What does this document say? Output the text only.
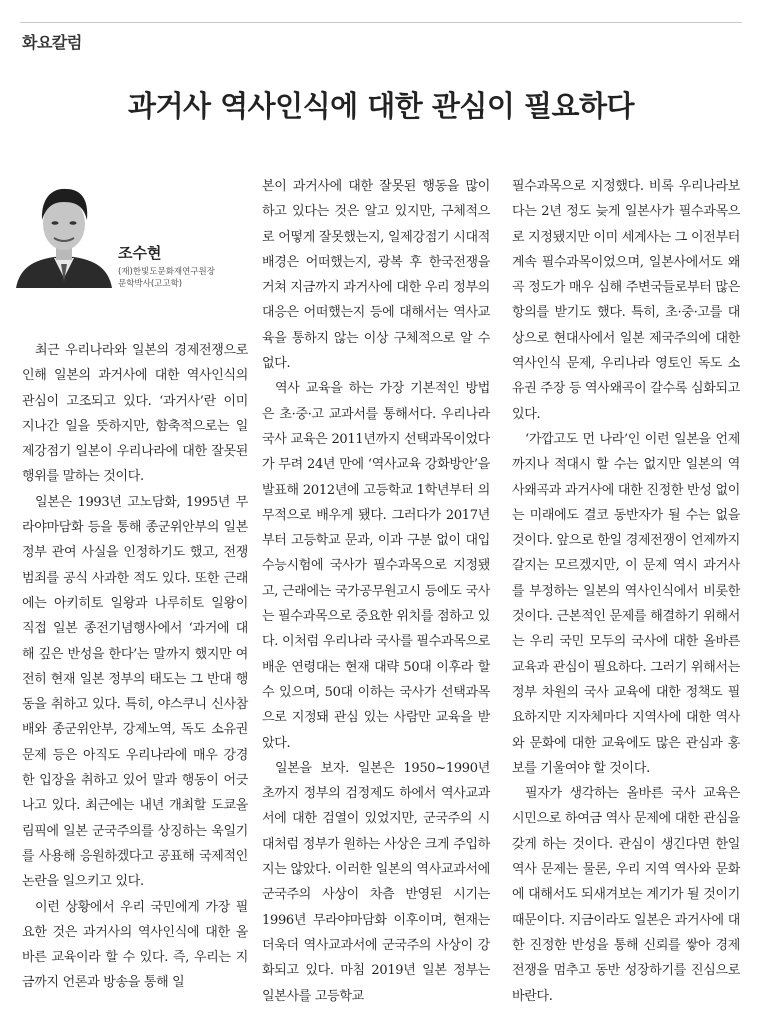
화요칼럼
과거사 역사인식에 대한 관심이 필요하다
조수현
(재)한빛도문화재연구원장
문학박사(고고학)

최근 우리나라와 일본의 경제전쟁으로 인해 일본의 과거사에 대한 역사인식의 관심이 고조되고 있다. ‘과거사’란 이미 지나간 일을 뜻하지만, 함축적으로는 일제강점기 일본이 우리나라에 대한 잘못된 행위를 말하는 것이다.

일본은 1993년 고노담화, 1995년 무라야마담화 등을 통해 종군위안부의 일본 정부 관여 사실을 인정하기도 했고, 전쟁범죄를 공식 사과한 적도 있다. 또한 근래에는 아키히토 일왕과 나루히토 일왕이 직접 일본 종전기념행사에서 ‘과거에 대해 깊은 반성을 한다’는 말까지 했지만 여전히 현재 일본 정부의 태도는 그 반대 행동을 취하고 있다. 특히, 야스쿠니 신사참배와 종군위안부, 강제노역, 독도 소유권 문제 등은 아직도 우리나라에 매우 강경한 입장을 취하고 있어 말과 행동이 어긋나고 있다. 최근에는 내년 개최할 도쿄올림픽에 일본 군국주의를 상징하는 욱일기를 사용해 응원하겠다고 공표해 국제적인 논란을 일으키고 있다.

이런 상황에서 우리 국민에게 가장 필요한 것은 과거사의 역사인식에 대한 올바른 교육이라 할 수 있다. 즉, 우리는 지금까지 언론과 방송을 통해 일

본이 과거사에 대한 잘못된 행동을 많이 하고 있다는 것은 알고 있지만, 구체적으로 어떻게 잘못했는지, 일제강점기 시대적 배경은 어떠했는지, 광복 후 한국전쟁을 거쳐 지금까지 과거사에 대한 우리 정부의 대응은 어떠했는지 등에 대해서는 역사교육을 통하지 않는 이상 구체적으로 알 수 없다.

역사 교육을 하는 가장 기본적인 방법은 초·중·고 교과서를 통해서다. 우리나라 국사 교육은 2011년까지 선택과목이었다가 무려 24년 만에 ‘역사교육 강화방안’을 발표해 2012년에 고등학교 1학년부터 의무적으로 배우게 됐다. 그러다가 2017년부터 고등학교 문과, 이과 구분 없이 대입수능시험에 국사가 필수과목으로 지정됐고, 근래에는 국가공무원고시 등에도 국사는 필수과목으로 중요한 위치를 점하고 있다. 이처럼 우리나라 국사를 필수과목으로 배운 연령대는 현재 대략 50대 이후라 할 수 있으며, 50대 이하는 국사가 선택과목으로 지정돼 관심 있는 사람만 교육을 받았다.

일본을 보자. 일본은 1950~1990년 초까지 정부의 검정제도 하에서 역사교과서에 대한 검열이 있었지만, 군국주의 시대처럼 정부가 원하는 사상은 크게 주입하지는 않았다. 이러한 일본의 역사교과서에 군국주의 사상이 차츰 반영된 시기는 1996년 무라야마담화 이후이며, 현재는 더욱더 역사교과서에 군국주의 사상이 강화되고 있다. 마침 2019년 일본 정부는 일본사를 고등학교

필수과목으로 지정했다. 비록 우리나라보다는 2년 정도 늦게 일본사가 필수과목으로 지정됐지만 이미 세계사는 그 이전부터 계속 필수과목이었으며, 일본사에서도 왜곡 정도가 매우 심해 주변국들로부터 많은 항의를 받기도 했다. 특히, 초·중·고를 대상으로 현대사에서 일본 제국주의에 대한 역사인식 문제, 우리나라 영토인 독도 소유권 주장 등 역사왜곡이 갈수록 심화되고 있다.

‘가깝고도 먼 나라’인 이런 일본을 언제까지나 적대시 할 수는 없지만 일본의 역사왜곡과 과거사에 대한 진정한 반성 없이는 미래에도 결코 동반자가 될 수는 없을 것이다. 앞으로 한일 경제전쟁이 언제까지 갈지는 모르겠지만, 이 문제 역시 과거사를 부정하는 일본의 역사인식에서 비롯한 것이다. 근본적인 문제를 해결하기 위해서는 우리 국민 모두의 국사에 대한 올바른 교육과 관심이 필요하다. 그러기 위해서는 정부 차원의 국사 교육에 대한 정책도 필요하지만 지자체마다 지역사에 대한 역사와 문화에 대한 교육에도 많은 관심과 홍보를 기울여야 할 것이다.

필자가 생각하는 올바른 국사 교육은 시민으로 하여금 역사 문제에 대한 관심을 갖게 하는 것이다. 관심이 생긴다면 한일 역사 문제는 물론, 우리 지역 역사와 문화에 대해서도 되새겨보는 계기가 될 것이기 때문이다. 지금이라도 일본은 과거사에 대한 진정한 반성을 통해 신뢰를 쌓아 경제전쟁을 멈추고 동반 성장하기를 진심으로 바란다.
